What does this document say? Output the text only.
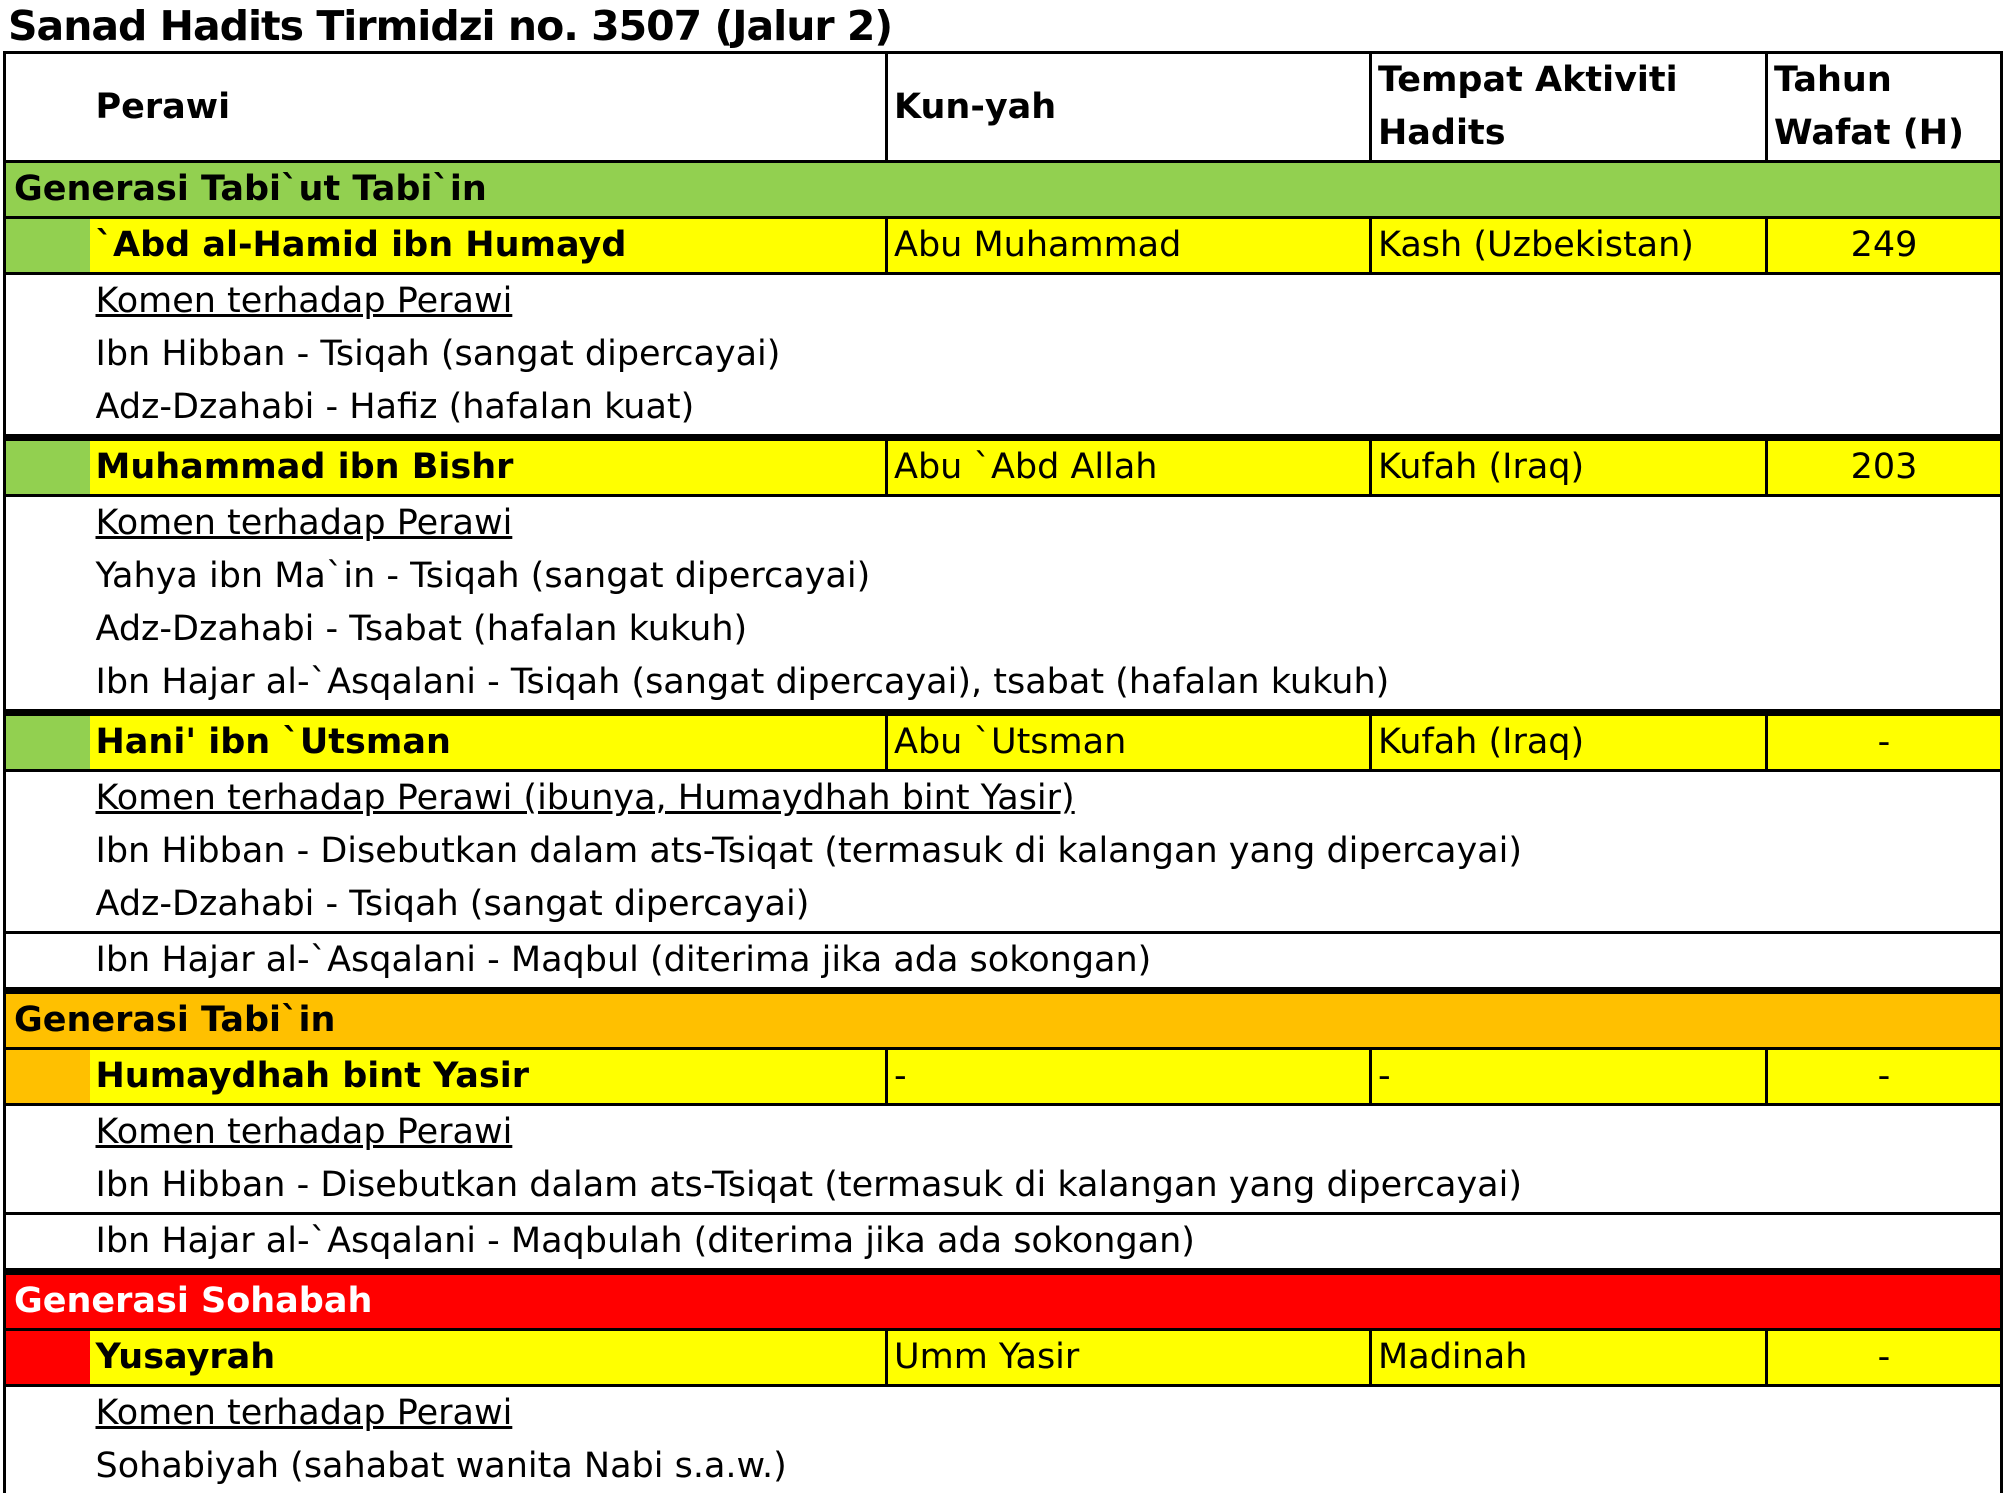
Sanad Hadits Tirmidzi no. 3507 (Jalur 2)
	Perawi	Kun-yah	Tempat Aktiviti Hadits	Tahun Wafat (H)
Generasi Tabi`ut Tabi`in				
	`Abd al-Hamid ibn Humayd	Abu Muhammad	Kash (Uzbekistan)	249
	Komen terhadap Perawi			
	Ibn Hibban - Tsiqah (sangat dipercayai)			
	Adz-Dzahabi - Hafiz (hafalan kuat)			
	Muhammad ibn Bishr	Abu `Abd Allah	Kufah (Iraq)	203
	Komen terhadap Perawi			
	Yahya ibn Ma`in - Tsiqah (sangat dipercayai)			
	Adz-Dzahabi - Tsabat (hafalan kukuh)			
	Ibn Hajar al-`Asqalani - Tsiqah (sangat dipercayai), tsabat (hafalan kukuh)			
	Hani' ibn `Utsman	Abu `Utsman	Kufah (Iraq)	-
	Komen terhadap Perawi (ibunya, Humaydhah bint Yasir)			
	Ibn Hibban - Disebutkan dalam ats-Tsiqat (termasuk di kalangan yang dipercayai)			
	Adz-Dzahabi - Tsiqah (sangat dipercayai)			
	Ibn Hajar al-`Asqalani - Maqbul (diterima jika ada sokongan)			
Generasi Tabi`in				
	Humaydhah bint Yasir	-	-	-
	Komen terhadap Perawi			
	Ibn Hibban - Disebutkan dalam ats-Tsiqat (termasuk di kalangan yang dipercayai)			
	Ibn Hajar al-`Asqalani - Maqbulah (diterima jika ada sokongan)			
Generasi Sohabah				
	Yusayrah	Umm Yasir	Madinah	-
	Komen terhadap Perawi			
	Sohabiyah (sahabat wanita Nabi s.a.w.)			
